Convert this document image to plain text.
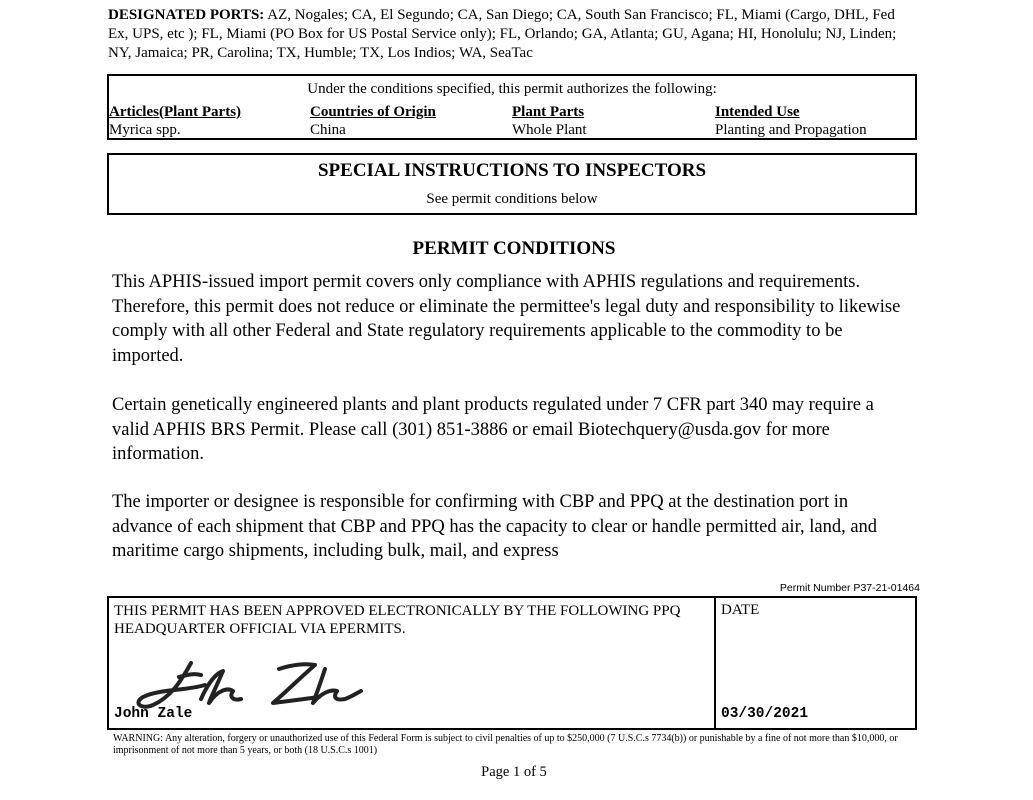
DESIGNATED PORTS: AZ, Nogales; CA, El Segundo; CA, San Diego; CA, South San Francisco; FL, Miami (Cargo, DHL, Fed Ex, UPS, etc ); FL, Miami (PO Box for US Postal Service only); FL, Orlando; GA, Atlanta; GU, Agana; HI, Honolulu; NJ, Linden; NY, Jamaica; PR, Carolina; TX, Humble; TX, Los Indios; WA, SeaTac
Under the conditions specified, this permit authorizes the following:
Articles(Plant Parts)
Myrica spp.
Countries of Origin
China
Plant Parts
Whole Plant
Intended Use
Planting and Propagation
SPECIAL INSTRUCTIONS TO INSPECTORS
See permit conditions below
PERMIT CONDITIONS
This APHIS-issued import permit covers only compliance with APHIS regulations and requirements. Therefore, this permit does not reduce or eliminate the permittee's legal duty and responsibility to likewise comply with all other Federal and State regulatory requirements applicable to the commodity to be imported.
Certain genetically engineered plants and plant products regulated under 7 CFR part 340 may require a valid APHIS BRS Permit. Please call (301) 851-3886 or email Biotechquery@usda.gov for more information.
The importer or designee is responsible for confirming with CBP and PPQ at the destination port in advance of each shipment that CBP and PPQ has the capacity to clear or handle permitted air, land, and maritime cargo shipments, including bulk, mail, and express
Permit Number P37-21-01464
THIS PERMIT HAS BEEN APPROVED ELECTRONICALLY BY THE FOLLOWING PPQ HEADQUARTER OFFICIAL VIA EPERMITS.
DATE
John Zale	03/30/2021
WARNING: Any alteration, forgery or unauthorized use of this Federal Form is subject to civil penalties of up to $250,000 (7 U.S.C.s 7734(b)) or punishable by a fine of not more than $10,000, or imprisonment of not more than 5 years, or both (18 U.S.C.s 1001)
Page 1 of 5
